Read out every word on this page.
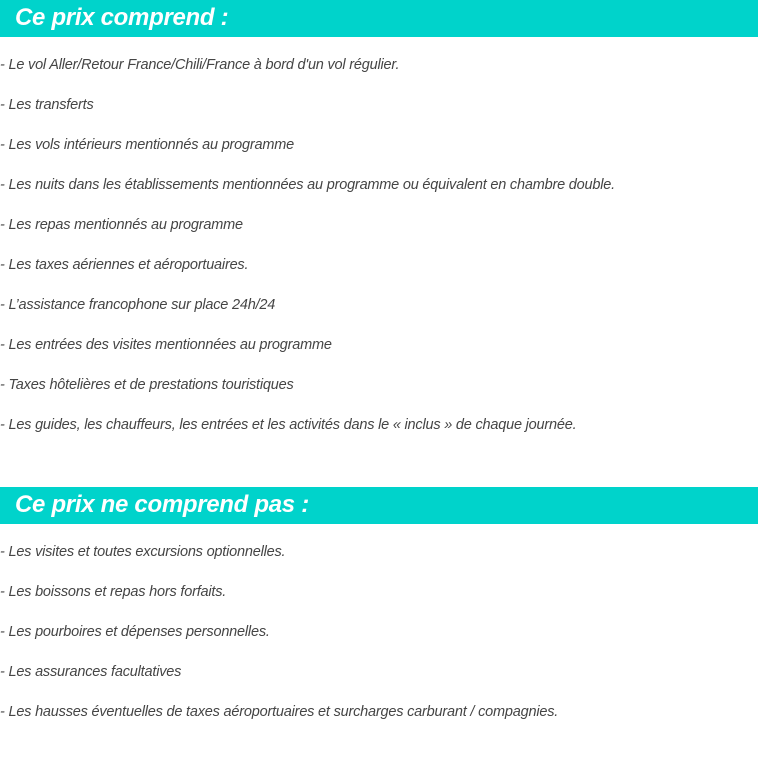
Ce prix comprend :
- Le vol Aller/Retour France/Chili/France à bord d'un vol régulier.
- Les transferts
- Les vols intérieurs mentionnés au programme
- Les nuits dans les établissements mentionnées au programme ou équivalent en chambre double.
- Les repas mentionnés au programme
- Les taxes aériennes et aéroportuaires.
- L’assistance francophone sur place 24h/24
- Les entrées des visites mentionnées au programme
- Taxes hôtelières et de prestations touristiques
- Les guides, les chauffeurs, les entrées et les activités dans le « inclus » de chaque journée.
Ce prix ne comprend pas :
- Les visites et toutes excursions optionnelles.
- Les boissons et repas hors forfaits.
- Les pourboires et dépenses personnelles.
- Les assurances facultatives
- Les hausses éventuelles de taxes aéroportuaires et surcharges carburant / compagnies.
